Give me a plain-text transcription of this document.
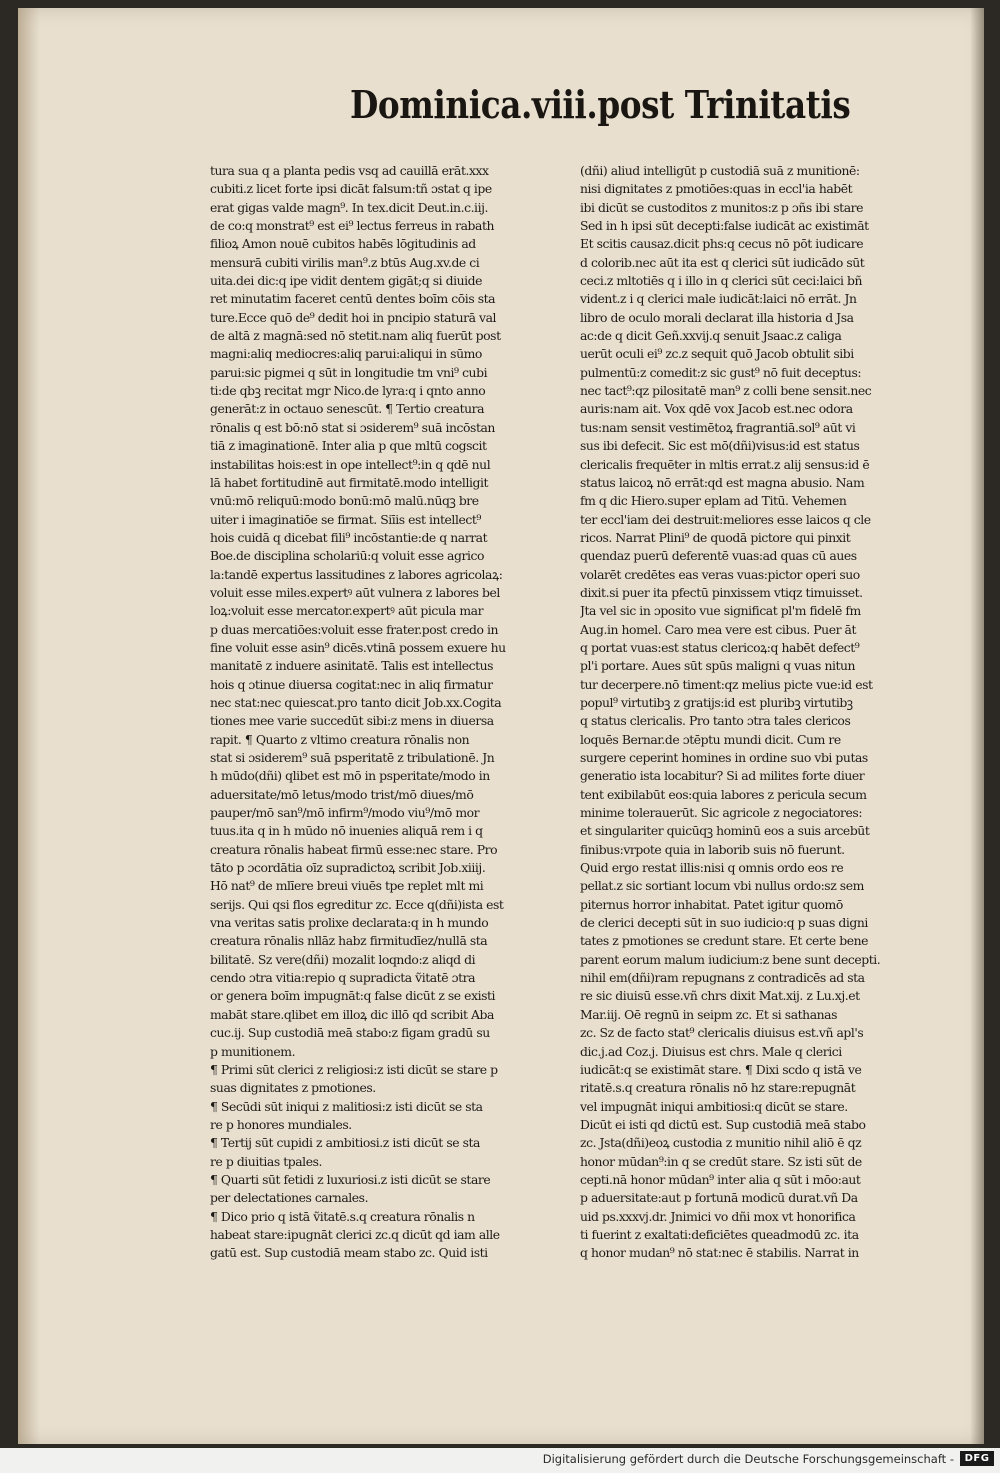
Dominica.viii.post Trinitatis
tura sua q a planta pedis vsq ad cauillā erāt.xxx
cubiti.z licet forte ipsi dicāt falsum:tñ ɔstat q ipe
erat gigas valde magn⁹. In tex.dicit Deut.in.c.iij.
de co:q monstrat⁹ est ei⁹ lectus ferreus in rabath
filioꝝ Amon nouē cubitos habēs lōgitudinis ad
mensurā cubiti virilis man⁹.z btūs Aug.xv.de ci
uita.dei dic:q ipe vidit dentem gigāt;q si diuide
ret minutatim faceret centū dentes boīm cōis sta
ture.Ecce quō de⁹ dedit hoi in pncipio staturā val
de altā z magnā:sed nō stetit.nam aliq fuerūt post
magni:aliq mediocres:aliq parui:aliqui in sūmo
parui:sic pigmei q sūt in longitudie tm vni⁹ cubi
ti:de qbꝫ recitat mgr Nico.de lyra:q i qnto anno
generāt:z in octauo senescūt. ¶ Tertio creatura
rōnalis q est bō:nō stat si ɔsiderem⁹ suā incōstan
tiā z imaginationē. Inter alia p que mltū cogscit
instabilitas hois:est in ope intellect⁹:in q qdē nul
lā habet fortitudinē aut firmitatē.modo intelligit
vnū:mō reliquū:modo bonū:mō malū.nūqꝫ bre
uiter i imaginatiōe se firmat. Siīis est intellect⁹
hois cuidā q dicebat fili⁹ incōstantie:de q narrat
Boe.de disciplina scholariū:q voluit esse agrico
la:tandē expertus lassitudines z labores agricolaꝝ:
voluit esse miles.expertꝰ aūt vulnera z labores bel
loꝝ:voluit esse mercator.expertꝰ aūt picula mar
p duas mercatiōes:voluit esse frater.post credo in
fine voluit esse asin⁹ dicēs.vtinā possem exuere hu
manitatē z induere asinitatē. Talis est intellectus
hois q ɔtinue diuersa cogitat:nec in aliq firmatur
nec stat:nec quiescat.pro tanto dicit Job.xx.Cogita
tiones mee varie succedūt sibi:z mens in diuersa
rapit. ¶ Quarto z vltimo creatura rōnalis non
stat si ɔsiderem⁹ suā psperitatē z tribulationē. Jn
h mūdo(dñi) qlibet est mō in psperitate/modo in
aduersitate/mō letus/modo trist/mō diues/mō
pauper/mō san⁹/mō infirm⁹/modo viu⁹/mō mor
tuus.ita q in h mūdo nō inuenies aliquā rem i q
creatura rōnalis habeat firmū esse:nec stare. Pro
tāto p ɔcordātia oīz supradictoꝝ scribit Job.xiiij.
Hō nat⁹ de mlīere breui viuēs tpe replet mlt mi
serijs. Qui qsi flos egreditur zc. Ecce q(dñi)ista est
vna veritas satis prolixe declarata:q in h mundo
creatura rōnalis nllāz habz firmitudīez/nullā sta
bilitatē. Sz vere(dñi) mozalit loqndo:z aliqd di
cendo ɔtra vitia:repio q supradicta ṽitatē ɔtra
or genera boīm impugnāt:q false dicūt z se existi
mabāt stare.qlibet em illoꝝ dic illō qd scribit Aba
cuc.ij. Sup custodiā meā stabo:z figam gradū su
p munitionem.
¶ Primi sūt clerici z religiosi:z isti dicūt se stare p
suas dignitates z pmotiones.
¶ Secūdi sūt iniqui z malitiosi:z isti dicūt se sta
re p honores mundiales.
¶ Tertij sūt cupidi z ambitiosi.z isti dicūt se sta
re p diuitias tpales.
¶ Quarti sūt fetidi z luxuriosi.z isti dicūt se stare
per delectationes carnales.
¶ Dico prio q istā ṽitatē.s.q creatura rōnalis n
habeat stare:ipugnāt clerici zc.q dicūt qd iam alle
gatū est. Sup custodiā meam stabo zc. Quid isti
(dñi) aliud intelligūt p custodiā suā z munitionē:
nisi dignitates z pmotiōes:quas in eccl'ia habēt
ibi dicūt se custoditos z munitos:z p ɔñs ibi stare
Sed in h ipsi sūt decepti:false iudicāt ac existimāt
Et scitis causaz.dicit phs:q cecus nō pōt iudicare
d colorib.nec aūt ita est q clerici sūt iudicādo sūt
ceci.z mltotiēs q i illo in q clerici sūt ceci:laici bñ
vident.z i q clerici male iudicāt:laici nō errāt. Jn
libro de oculo morali declarat illa historia d Jsa
ac:de q dicit Geñ.xxvij.q senuit Jsaac.z caliga
uerūt oculi ei⁹ zc.z sequit quō Jacob obtulit sibi
pulmentū:z comedit:z sic gust⁹ nō fuit deceptus:
nec tact⁹:qz pilositatē man⁹ z colli bene sensit.nec
auris:nam ait. Vox qdē vox Jacob est.nec odora
tus:nam sensit vestimētoꝝ fragrantiā.sol⁹ aūt vi
sus ibi defecit. Sic est mō(dñi)visus:id est status
clericalis frequēter in mltis errat.z alij sensus:id ē
status laicoꝝ nō errāt:qd est magna abusio. Nam
fm q dic Hiero.super eplam ad Titū. Vehemen
ter eccl'iam dei destruit:meliores esse laicos q cle
ricos. Narrat Plini⁹ de quodā pictore qui pinxit
quendaz puerū deferentē vuas:ad quas cū aues
volarēt credētes eas veras vuas:pictor operi suo
dixit.si puer ita pfectū pinxissem vtiqz timuisset.
Jta vel sic in ɔposito vue significat pl'm fidelē fm
Aug.in homel. Caro mea vere est cibus. Puer āt
q portat vuas:est status clericoꝝ:q habēt defect⁹
pl'i portare. Aues sūt spūs maligni q vuas nitun
tur decerpere.nō timent:qz melius picte vue:id est
popul⁹ virtutibꝫ z gratijs:id est pluribꝫ virtutibꝫ
q status clericalis. Pro tanto ɔtra tales clericos
loquēs Bernar.de ɔtēptu mundi dicit. Cum re
surgere ceperint homines in ordine suo vbi putas
generatio ista locabitur? Si ad milites forte diuer
tent exibilabūt eos:quia labores z pericula secum
minime tolerauerūt. Sic agricole z negociatores:
et singulariter quicūqꝫ hominū eos a suis arcebūt
finibus:vrpote quia in laborib suis nō fuerunt.
Quid ergo restat illis:nisi q omnis ordo eos re
pellat.z sic sortiant locum vbi nullus ordo:sz sem
piternus horror inhabitat. Patet igitur quomō
de clerici decepti sūt in suo iudicio:q p suas digni
tates z pmotiones se credunt stare. Et certe bene
parent eorum malum iudicium:z bene sunt decepti.
nihil em(dñi)ram repugnans z contradicēs ad sta
re sic diuisū esse.vñ chrs dixit Mat.xij. z Lu.xj.et
Mar.iij. Oē regnū in seipm zc. Et si sathanas
zc. Sz de facto stat⁹ clericalis diuisus est.vñ apl's
dic.j.ad Coz.j. Diuisus est chrs. Male q clerici
iudicāt:q se existimāt stare. ¶ Dixi scdo q istā ve
ritatē.s.q creatura rōnalis nō hz stare:repugnāt
vel impugnāt iniqui ambitiosi:q dicūt se stare.
Dicūt ei isti qd dictū est. Sup custodiā meā stabo
zc. Jsta(dñi)eoꝝ custodia z munitio nihil aliō ē qz
honor mūdan⁹:in q se credūt stare. Sz isti sūt de
cepti.nā honor mūdan⁹ inter alia q sūt i mōo:aut
p aduersitate:aut p fortunā modicū durat.vñ Da
uid ps.xxxvj.dr. Jnimici vo dñi mox vt honorifica
ti fuerint z exaltati:deficiētes queadmodū zc. ita
q honor mudan⁹ nō stat:nec ē stabilis. Narrat in
Digitalisierung gefördert durch die Deutsche Forschungsgemeinschaft -	DFG
